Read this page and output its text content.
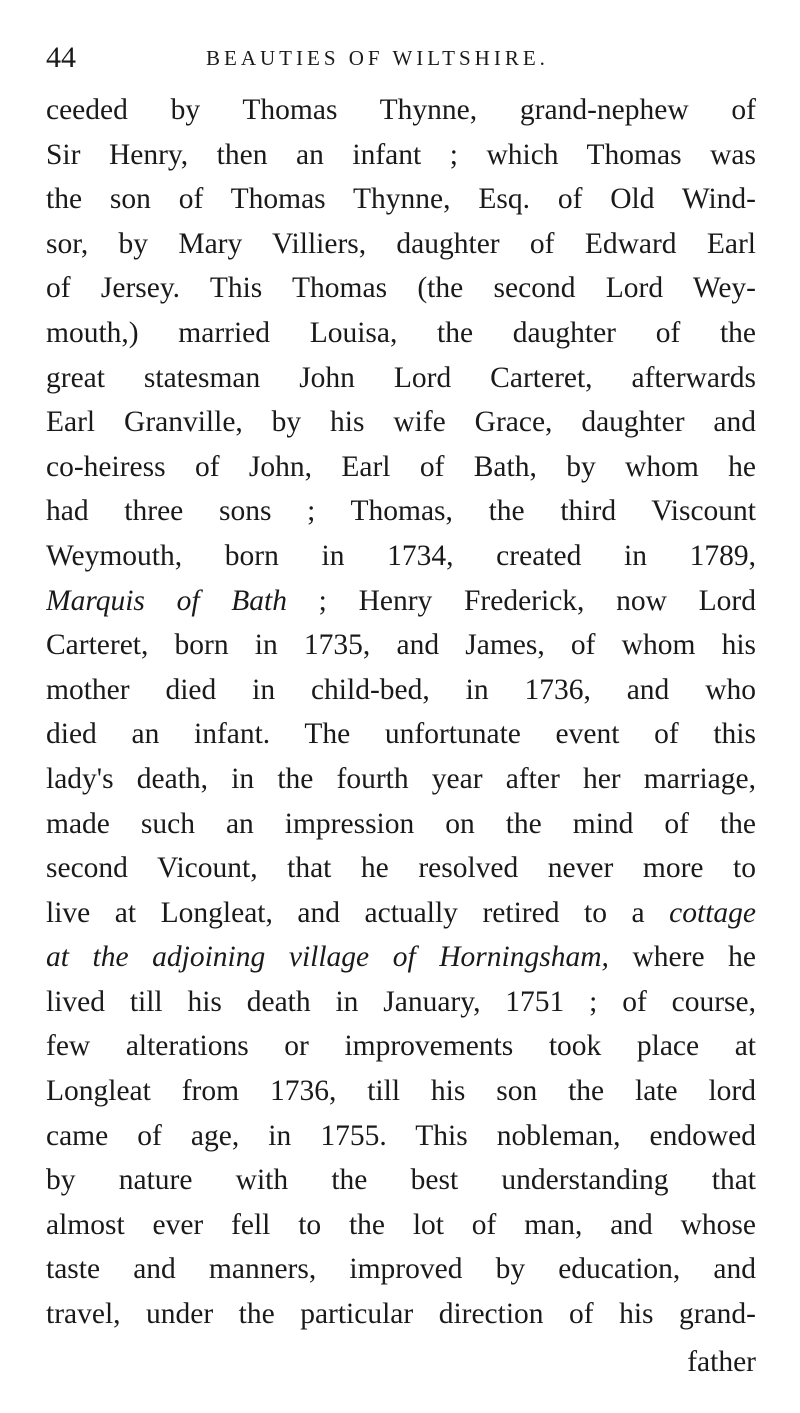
44	BEAUTIES OF WILTSHIRE.
ceeded by Thomas Thynne, grand-nephew of
Sir Henry, then an infant ; which Thomas was
the son of Thomas Thynne, Esq. of Old Wind-
sor, by Mary Villiers, daughter of Edward Earl
of Jersey. This Thomas (the second Lord Wey-
mouth,) married Louisa, the daughter of the
great statesman John Lord Carteret, afterwards
Earl Granville, by his wife Grace, daughter and
co-heiress of John, Earl of Bath, by whom he
had three sons ; Thomas, the third Viscount
Weymouth, born in 1734, created in 1789,
Marquis of Bath ; Henry Frederick, now Lord
Carteret, born in 1735, and James, of whom his
mother died in child-bed, in 1736, and who
died an infant. The unfortunate event of this
lady's death, in the fourth year after her marriage,
made such an impression on the mind of the
second Vicount, that he resolved never more to
live at Longleat, and actually retired to a cottage
at the adjoining village of Horningsham, where he
lived till his death in January, 1751 ; of course,
few alterations or improvements took place at
Longleat from 1736, till his son the late lord
came of age, in 1755. This nobleman, endowed
by nature with the best understanding that
almost ever fell to the lot of man, and whose
taste and manners, improved by education, and
travel, under the particular direction of his grand-
father
